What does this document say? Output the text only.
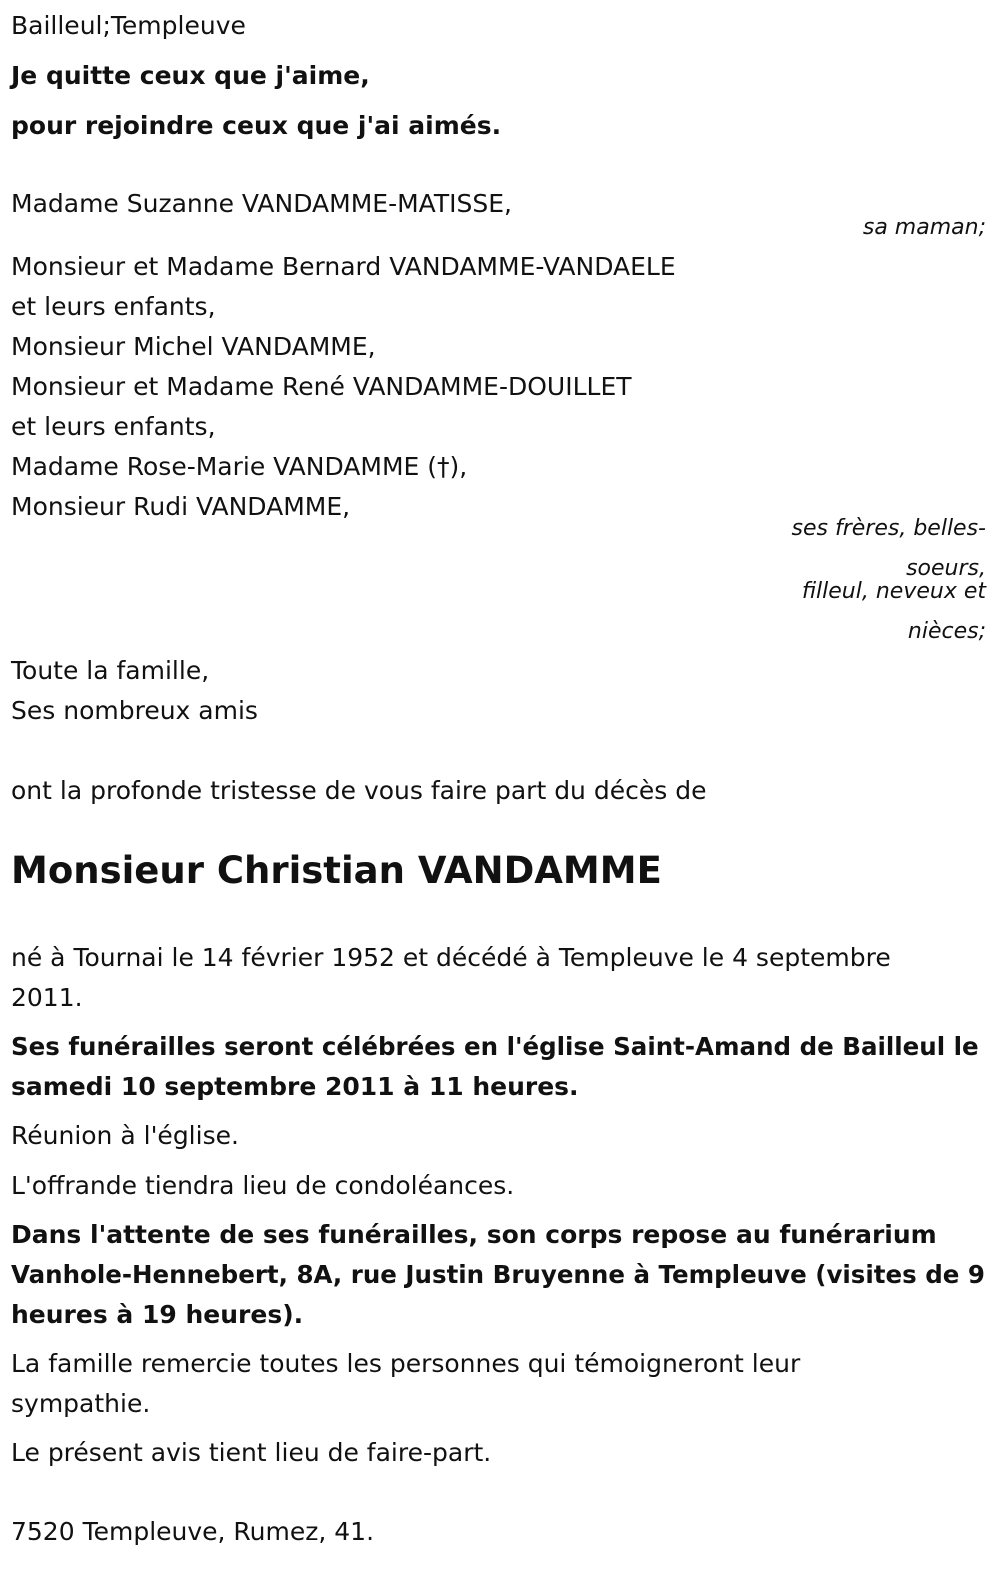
Bailleul;Templeuve
Je quitte ceux que j'aime,
pour rejoindre ceux que j'ai aimés.
Madame Suzanne VANDAMME-MATISSE,
sa maman;
Monsieur et Madame Bernard VANDAMME-VANDAELE
et leurs enfants,
Monsieur Michel VANDAMME,
Monsieur et Madame René VANDAMME-DOUILLET
et leurs enfants,
Madame Rose-Marie VANDAMME (†),
Monsieur Rudi VANDAMME,
ses frères, belles-
soeurs,
filleul, neveux et
nièces;
Toute la famille,
Ses nombreux amis
ont la profonde tristesse de vous faire part du décès de
Monsieur Christian VANDAMME
né à Tournai le 14 février 1952 et décédé à Templeuve le 4 septembre
2011.
Ses funérailles seront célébrées en l'église Saint-Amand de Bailleul le
samedi 10 septembre 2011 à 11 heures.
Réunion à l'église.
L'offrande tiendra lieu de condoléances.
Dans l'attente de ses funérailles, son corps repose au funérarium
Vanhole-Hennebert, 8A, rue Justin Bruyenne à Templeuve (visites de 9
heures à 19 heures).
La famille remercie toutes les personnes qui témoigneront leur
sympathie.
Le présent avis tient lieu de faire-part.
7520 Templeuve, Rumez, 41.
